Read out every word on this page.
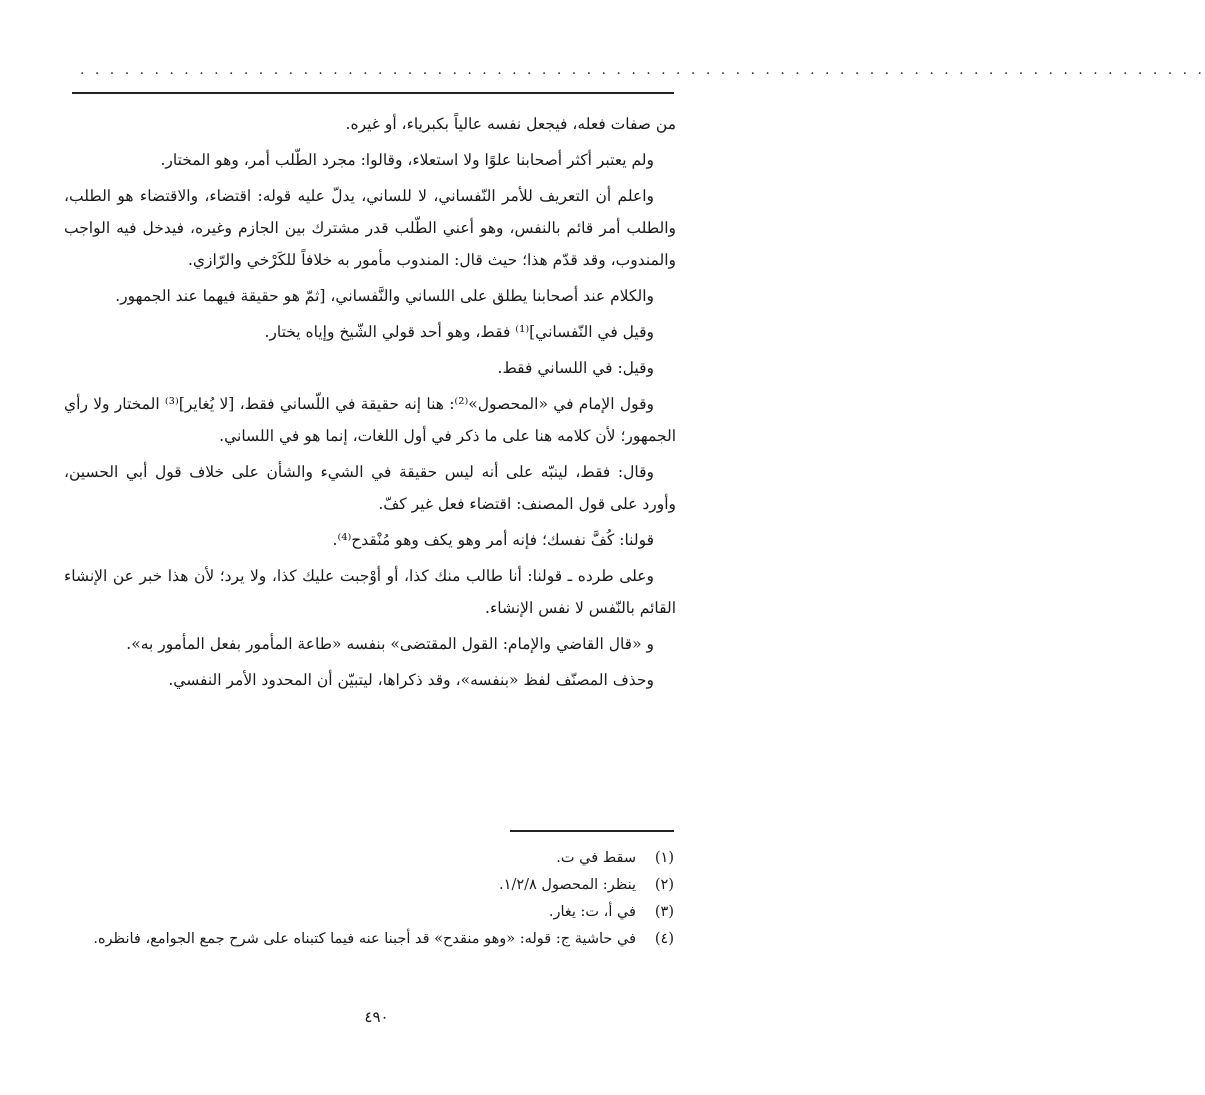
. . . . . . . . . . . . . . . . . . . . . . . . . . . . . . . . . . . . . . . . . . . . . . . . . . . . . . . . . . . . . . . . . . . . . . . . . . . .

من صفات فعله، فيجعل نفسه عالياً بكبرياء، أو غيره.

ولم يعتبر أكثر أصحابنا علوًا ولا استعلاء، وقالوا: مجرد الطّلب أمر، وهو المختار.

واعلم أن التعريف للأمر النّفساني، لا للساني، يدلّ عليه قوله: اقتضاء، والاقتضاء هو الطلب، والطلب أمر قائم بالنفس، وهو أعني الطّلب قدر مشترك بين الجازم وغيره، فيدخل فيه الواجب والمندوب، وقد قدّم هذا؛ حيث قال: المندوب مأمور به خلافاً للكَرْخي والرّازي.

والكلام عند أصحابنا يطلق على اللساني والنَّفساني، [ثمّ هو حقيقة فيهما عند الجمهور.

وقيل في النّفساني]⁽¹⁾ فقط، وهو أحد قولي الشّيخ وإياه يختار.

وقيل: في اللساني فقط.

وقول الإمام في «المحصول»⁽²⁾: هنا إنه حقيقة في اللّساني فقط، [لا يُغاير]⁽³⁾ المختار ولا رأي الجمهور؛ لأن كلامه هنا على ما ذكر في أول اللغات، إنما هو في اللساني.

وقال: فقط، لينبّه على أنه ليس حقيقة في الشيء والشأن على خلاف قول أبي الحسين، وأورد على قول المصنف: اقتضاء فعل غير كفّ.

قولنا: كُفَّ نفسك؛ فإنه أمر وهو يكف وهو مُنْقدح⁽⁴⁾.

وعلى طرده ـ قولنا: أنا طالب منك كذا، أو أوْجبت عليك كذا، ولا يرد؛ لأن هذا خبر عن الإنشاء القائم بالنّفس لا نفس الإنشاء.

و «قال القاضي والإمام: القول المقتضى» بنفسه «طاعة المأمور بفعل المأمور به».

وحذف المصنّف لفظ «بنفسه»، وقد ذكراها، ليتبيّن أن المحدود الأمر النفسي.

(١)
سقط في ت.
(٢)
ينظر: المحصول ١/٢/٨.
(٣)
في أ، ت: يغار.
(٤)
في حاشية ج: قوله: «وهو منقدح» قد أجبنا عنه فيما كتبناه على شرح جمع الجوامع، فانظره.
٤٩٠
